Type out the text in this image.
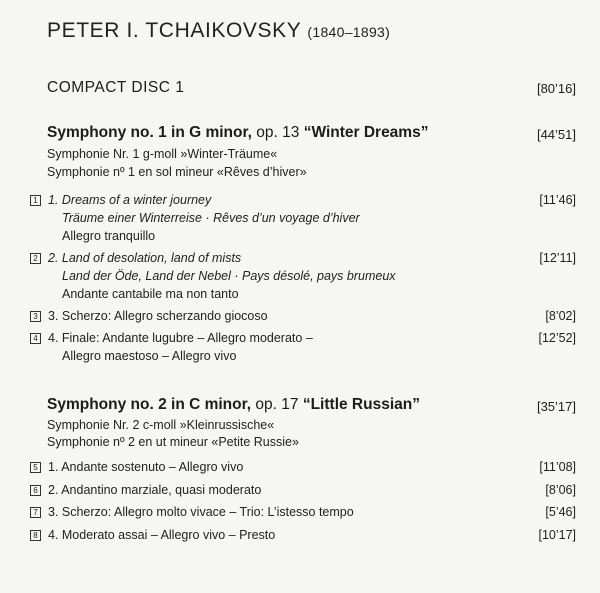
PETER I. TCHAIKOVSKY (1840–1893)
COMPACT DISC 1	[80’16]
Symphony no. 1 in G minor, op. 13 “Winter Dreams”	[44’51]
Symphonie Nr. 1 g-moll »Winter-Träume«
Symphonie nº 1 en sol mineur «Rêves d’hiver»
1 1. Dreams of a winter journey	[11’46]
Träume einer Winterreise · Rêves d’un voyage d’hiver
Allegro tranquillo
2 2. Land of desolation, land of mists	[12’11]
Land der Öde, Land der Nebel · Pays désolé, pays brumeux
Andante cantabile ma non tanto
3 3. Scherzo: Allegro scherzando giocoso	[8’02]
4 4. Finale: Andante lugubre – Allegro moderato –	[12’52]
Allegro maestoso – Allegro vivo
Symphony no. 2 in C minor, op. 17 “Little Russian”	[35’17]
Symphonie Nr. 2 c-moll »Kleinrussische«
Symphonie nº 2 en ut mineur «Petite Russie»
5 1. Andante sostenuto – Allegro vivo	[11’08]
6 2. Andantino marziale, quasi moderato	[8’06]
7 3. Scherzo: Allegro molto vivace – Trio: L’istesso tempo	[5’46]
8 4. Moderato assai – Allegro vivo – Presto	[10’17]
